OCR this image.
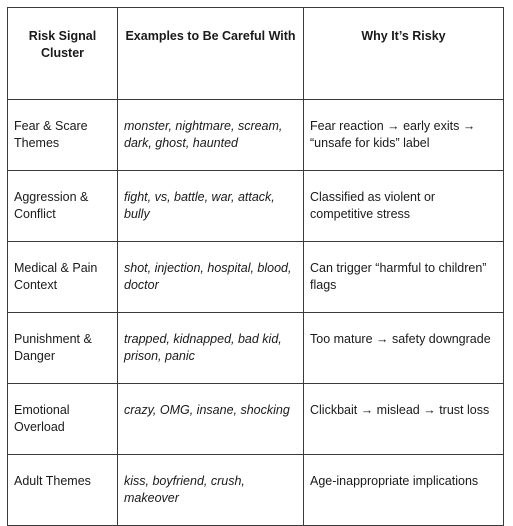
Risk Signal Cluster	Examples to Be Careful With	Why It’s Risky
Fear & Scare Themes	monster, nightmare, scream, dark, ghost, haunted	Fear reaction → early exits → “unsafe for kids” label
Aggression & Conflict	fight, vs, battle, war, attack, bully	Classified as violent or competitive stress
Medical & Pain Context	shot, injection, hospital, blood, doctor	Can trigger “harmful to children” flags
Punishment & Danger	trapped, kidnapped, bad kid, prison, panic	Too mature → safety downgrade
Emotional Overload	crazy, OMG, insane, shocking	Clickbait → mislead → trust loss
Adult Themes	kiss, boyfriend, crush, makeover	Age-inappropriate implications
